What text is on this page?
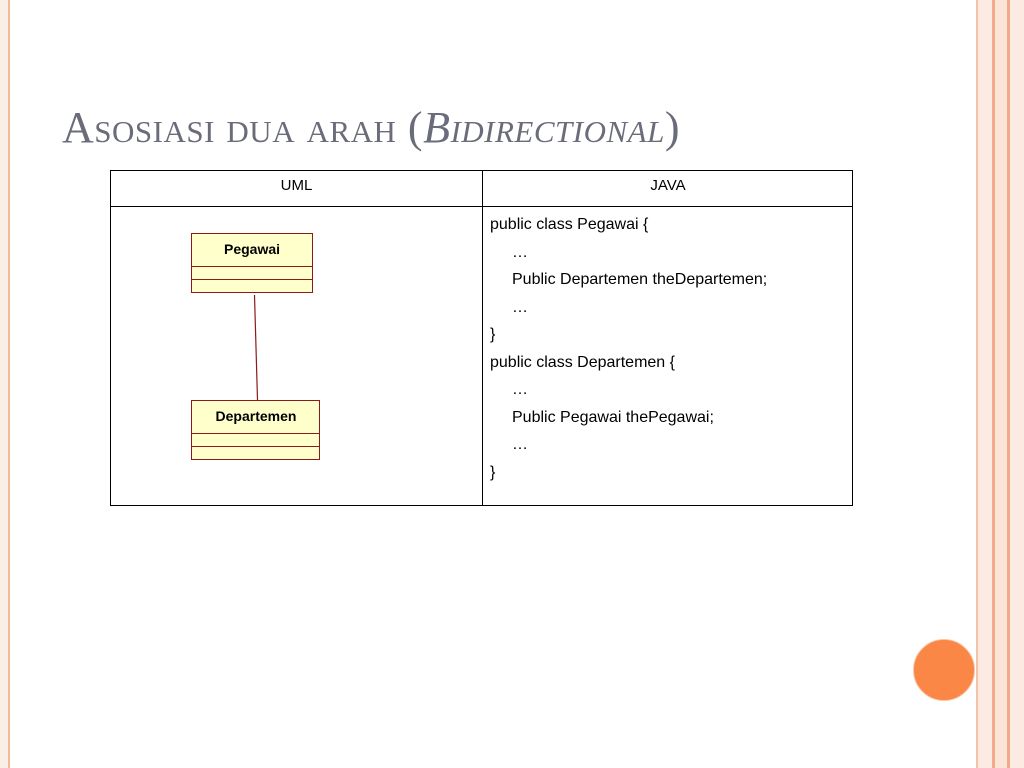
Asosiasi dua arah (Bidirectional)
UML	JAVA
Pegawai
Departemen
public class Pegawai {
…
Public Departemen theDepartemen;
…
}
public class Departemen {
…
Public Pegawai thePegawai;
…
}
